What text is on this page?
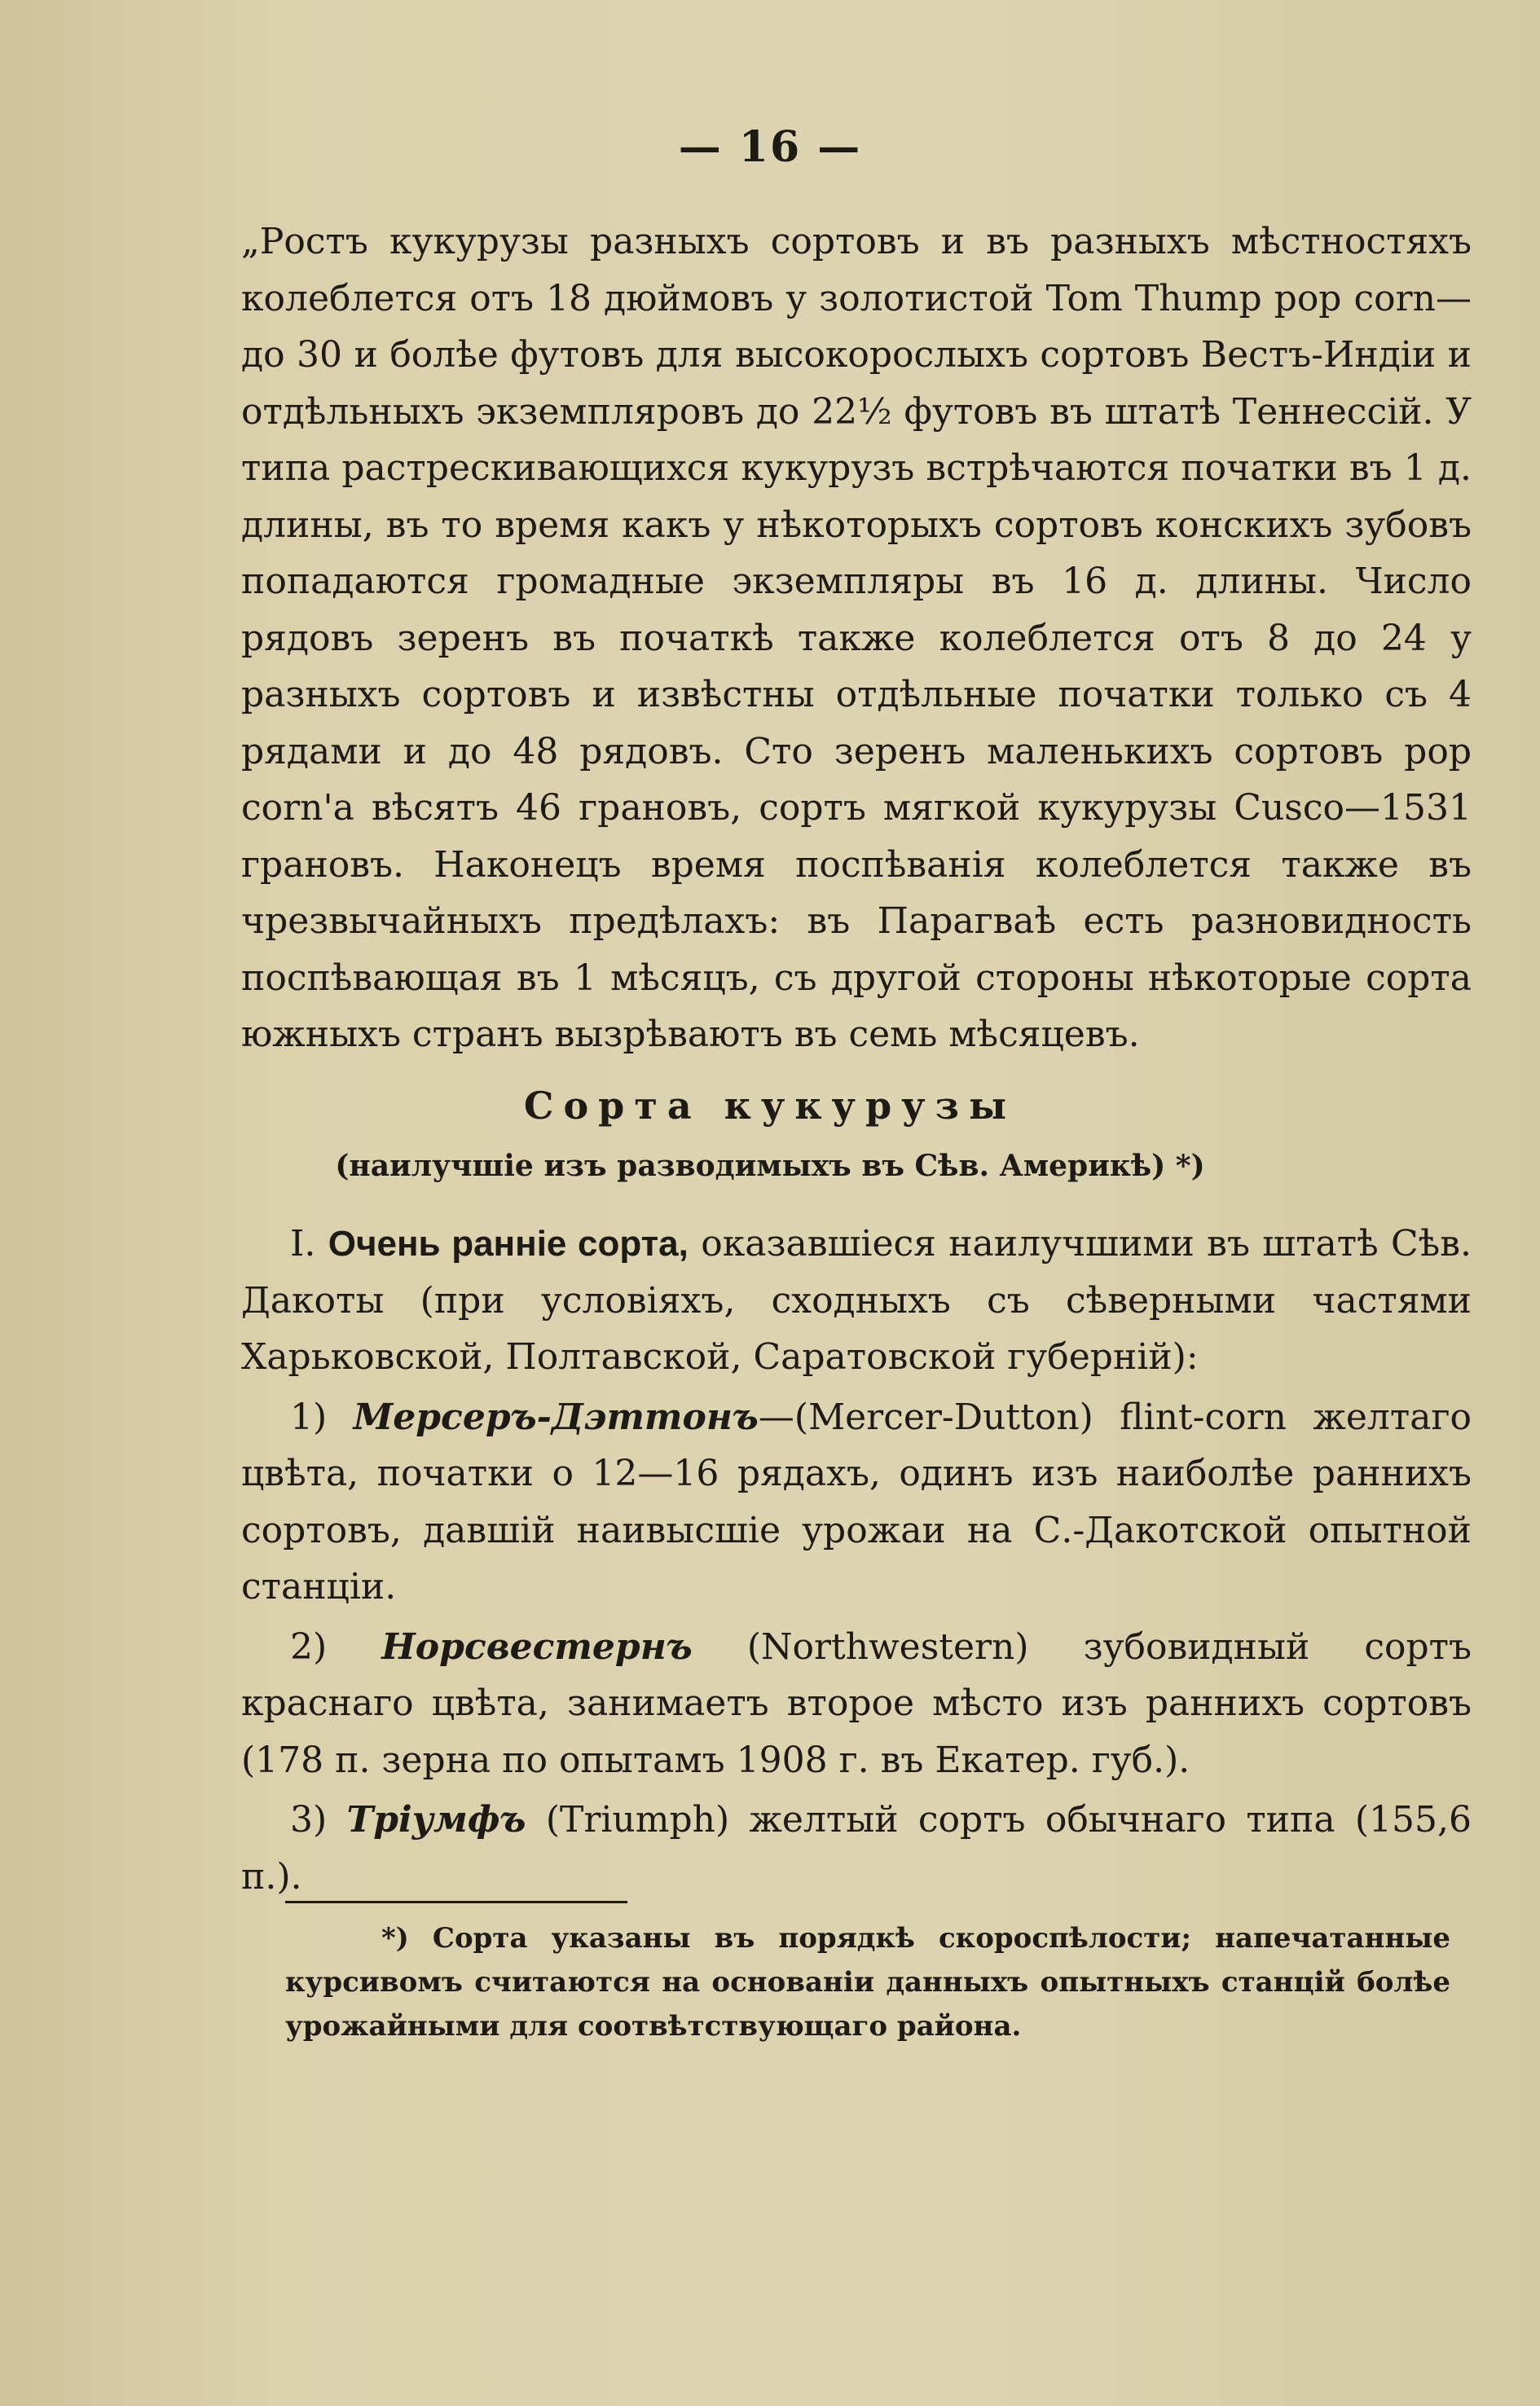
— 16 —

„Ростъ кукурузы разныхъ сортовъ и въ разныхъ мѣстностяхъ колеблется отъ 18 дюймовъ у золотистой Tom Thump pop corn—до 30 и болѣе футовъ для высокорослыхъ сортовъ Вестъ-Индіи и отдѣльныхъ экземпляровъ до 22½ футовъ въ штатѣ Теннессій. У типа растрескивающихся кукурузъ встрѣчаются початки въ 1 д. длины, въ то время какъ у нѣкоторыхъ сортовъ конскихъ зубовъ попадаются громадные экземпляры въ 16 д. длины. Число рядовъ зеренъ въ початкѣ также колеблется отъ 8 до 24 у разныхъ сортовъ и извѣстны отдѣльные початки только съ 4 рядами и до 48 рядовъ. Сто зеренъ маленькихъ сортовъ pop corn'а вѣсятъ 46 грановъ, сортъ мягкой кукурузы Cusco—1531 грановъ. Наконецъ время поспѣванія колеблется также въ чрезвычайныхъ предѣлахъ: въ Парагваѣ есть разновидность поспѣвающая въ 1 мѣсяцъ, съ другой стороны нѣкоторые сорта южныхъ странъ вызрѣваютъ въ семь мѣсяцевъ.

Сорта кукурузы
(наилучшіе изъ разводимыхъ въ Сѣв. Америкѣ) *)

I. Очень раннiе сорта, оказавшіеся наилучшими въ штатѣ Сѣв. Дакоты (при условіяхъ, сходныхъ съ сѣверными частями Харьковской, Полтавской, Саратовской губерній):

1) Мерсеръ-Дэттонъ—(Mercer-Dutton) flint-corn желтаго цвѣта, початки о 12—16 рядахъ, одинъ изъ наиболѣе раннихъ сортовъ, давшій наивысшіе урожаи на С.-Дакотской опытной станціи.

2) Норсвестернъ (Northwestern) зубовидный сортъ краснаго цвѣта, занимаетъ второе мѣсто изъ раннихъ сортовъ (178 п. зерна по опытамъ 1908 г. въ Екатер. губ.).

3) Тріумфъ (Triumph) желтый сортъ обычнаго типа (155,6 п.).

*) Сорта указаны въ порядкѣ скороспѣлости; напечатанные курсивомъ считаются на основаніи данныхъ опытныхъ станцій болѣе урожайными для соотвѣтствующаго района.
